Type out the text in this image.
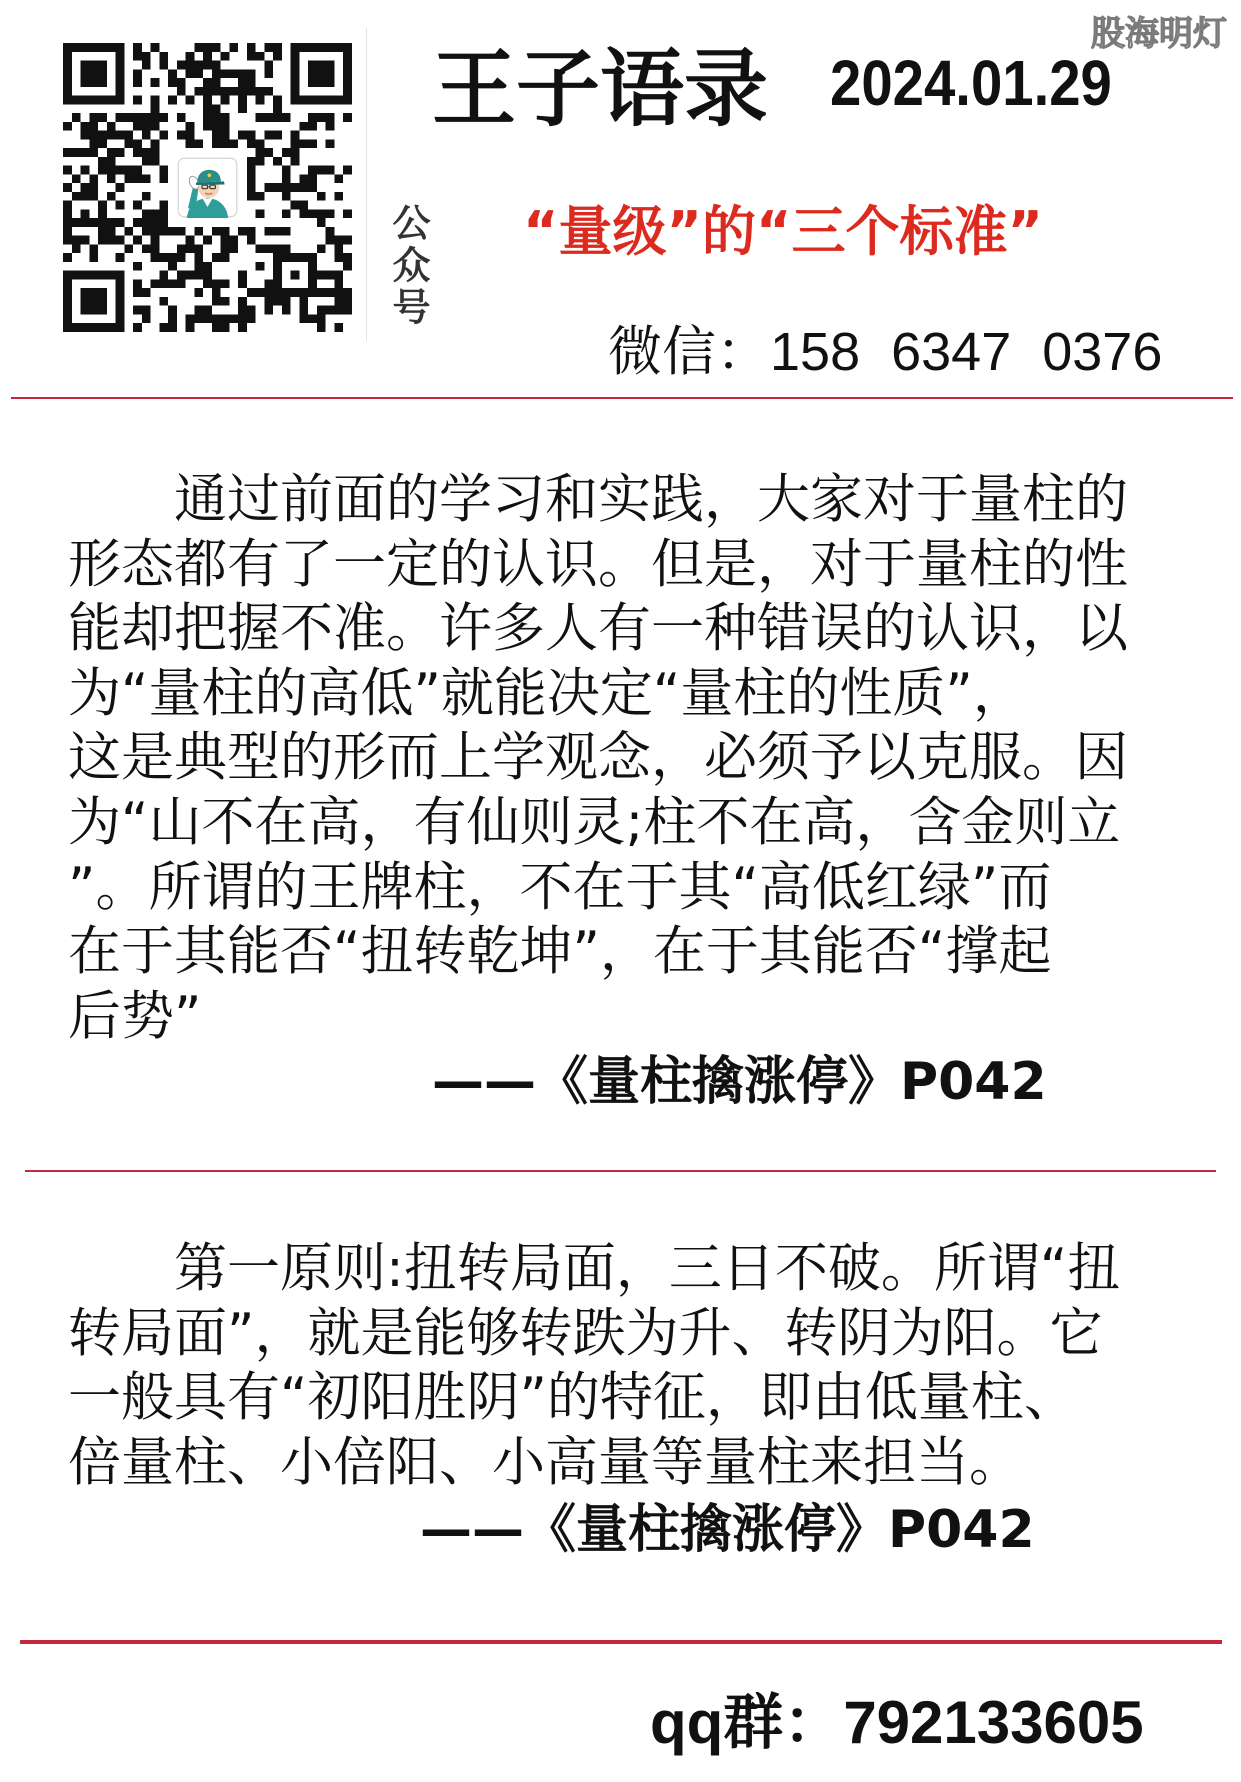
公众号
王子语录 2024.01.29
股海明灯
“量级”的“三个标准”
微信：158 6347 0376
通过前面的学习和实践，大家对于量柱的
形态都有了一定的认识。但是，对于量柱的性
能却把握不准。许多人有一种错误的认识，以
为“量柱的高低”就能决定“量柱的性质”，
这是典型的形而上学观念，必须予以克服。因
为“山不在高，有仙则灵;柱不在高，含金则立
”。所谓的王牌柱，不在于其“高低红绿”而
在于其能否“扭转乾坤”，在于其能否“撑起
后势”
——《量柱擒涨停》P042
第一原则:扭转局面，三日不破。所谓“扭
转局面”，就是能够转跌为升、转阴为阳。它
一般具有“初阳胜阴”的特征，即由低量柱、
倍量柱、小倍阳、小高量等量柱来担当。
——《量柱擒涨停》P042
qq群：792133605
